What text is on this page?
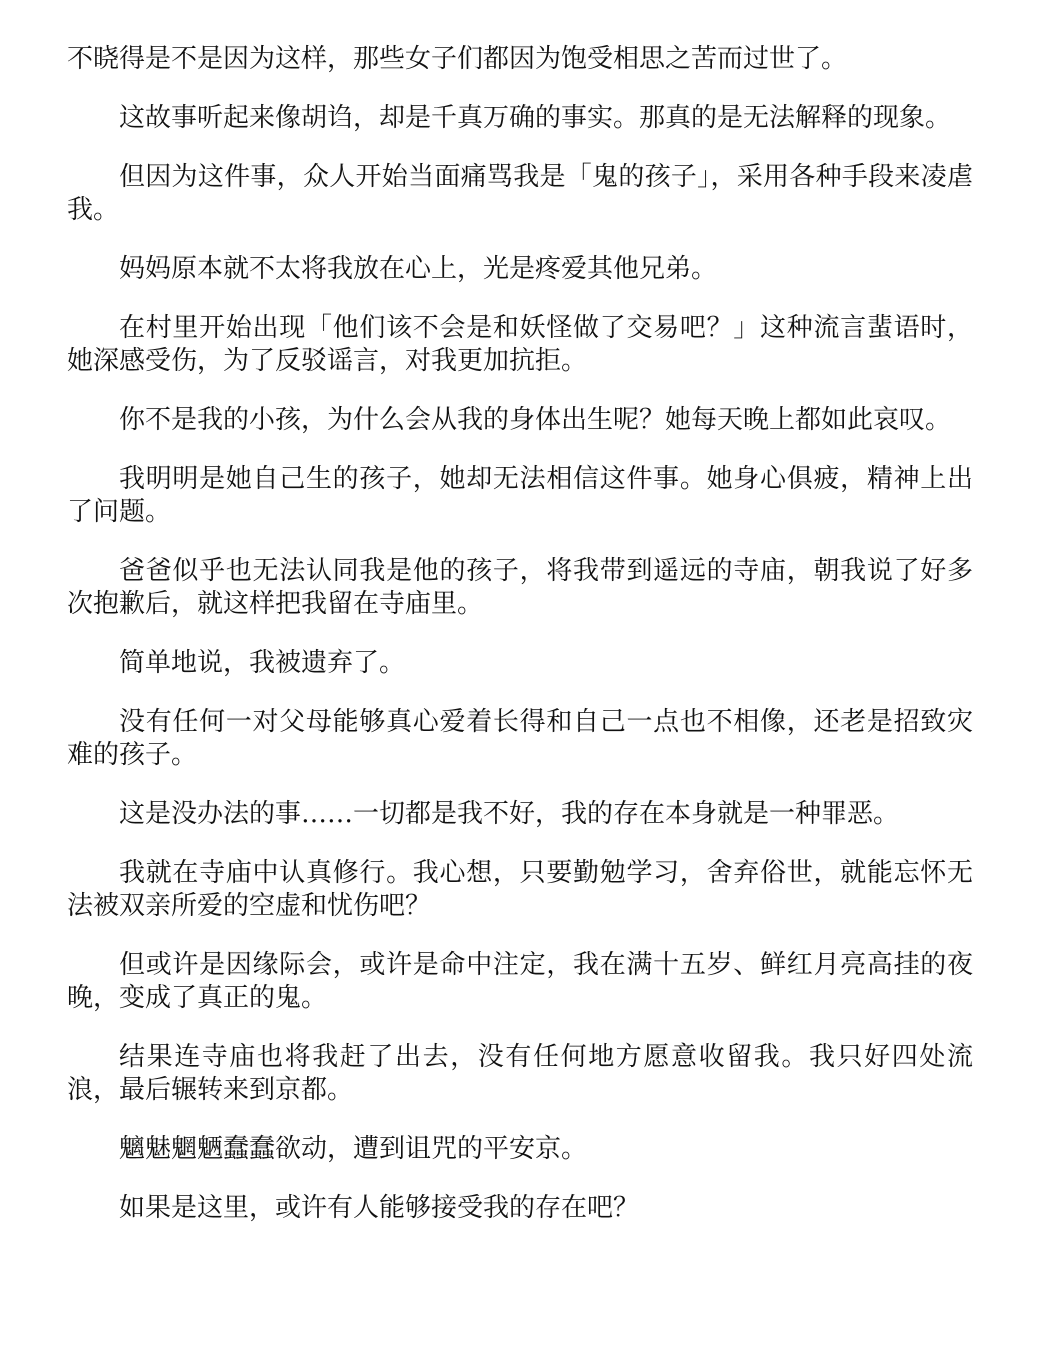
不晓得是不是因为这样，那些女子们都因为饱受相思之苦而过世了。

这故事听起来像胡诌，却是千真万确的事实。那真的是无法解释的现象。

但因为这件事，众人开始当面痛骂我是「鬼的孩子」，采用各种手段来凌虐我。

妈妈原本就不太将我放在心上，光是疼爱其他兄弟。

在村里开始出现「他们该不会是和妖怪做了交易吧？」这种流言蜚语时，她深感受伤，为了反驳谣言，对我更加抗拒。

你不是我的小孩，为什么会从我的身体出生呢？她每天晚上都如此哀叹。

我明明是她自己生的孩子，她却无法相信这件事。她身心俱疲，精神上出了问题。

爸爸似乎也无法认同我是他的孩子，将我带到遥远的寺庙，朝我说了好多次抱歉后，就这样把我留在寺庙里。

简单地说，我被遗弃了。

没有任何一对父母能够真心爱着长得和自己一点也不相像，还老是招致灾难的孩子。

这是没办法的事……一切都是我不好，我的存在本身就是一种罪恶。

我就在寺庙中认真修行。我心想，只要勤勉学习，舍弃俗世，就能忘怀无法被双亲所爱的空虚和忧伤吧？

但或许是因缘际会，或许是命中注定，我在满十五岁、鲜红月亮高挂的夜晚，变成了真正的鬼。

结果连寺庙也将我赶了出去，没有任何地方愿意收留我。我只好四处流浪，最后辗转来到京都。

魑魅魍魉蠢蠢欲动，遭到诅咒的平安京。

如果是这里，或许有人能够接受我的存在吧？
